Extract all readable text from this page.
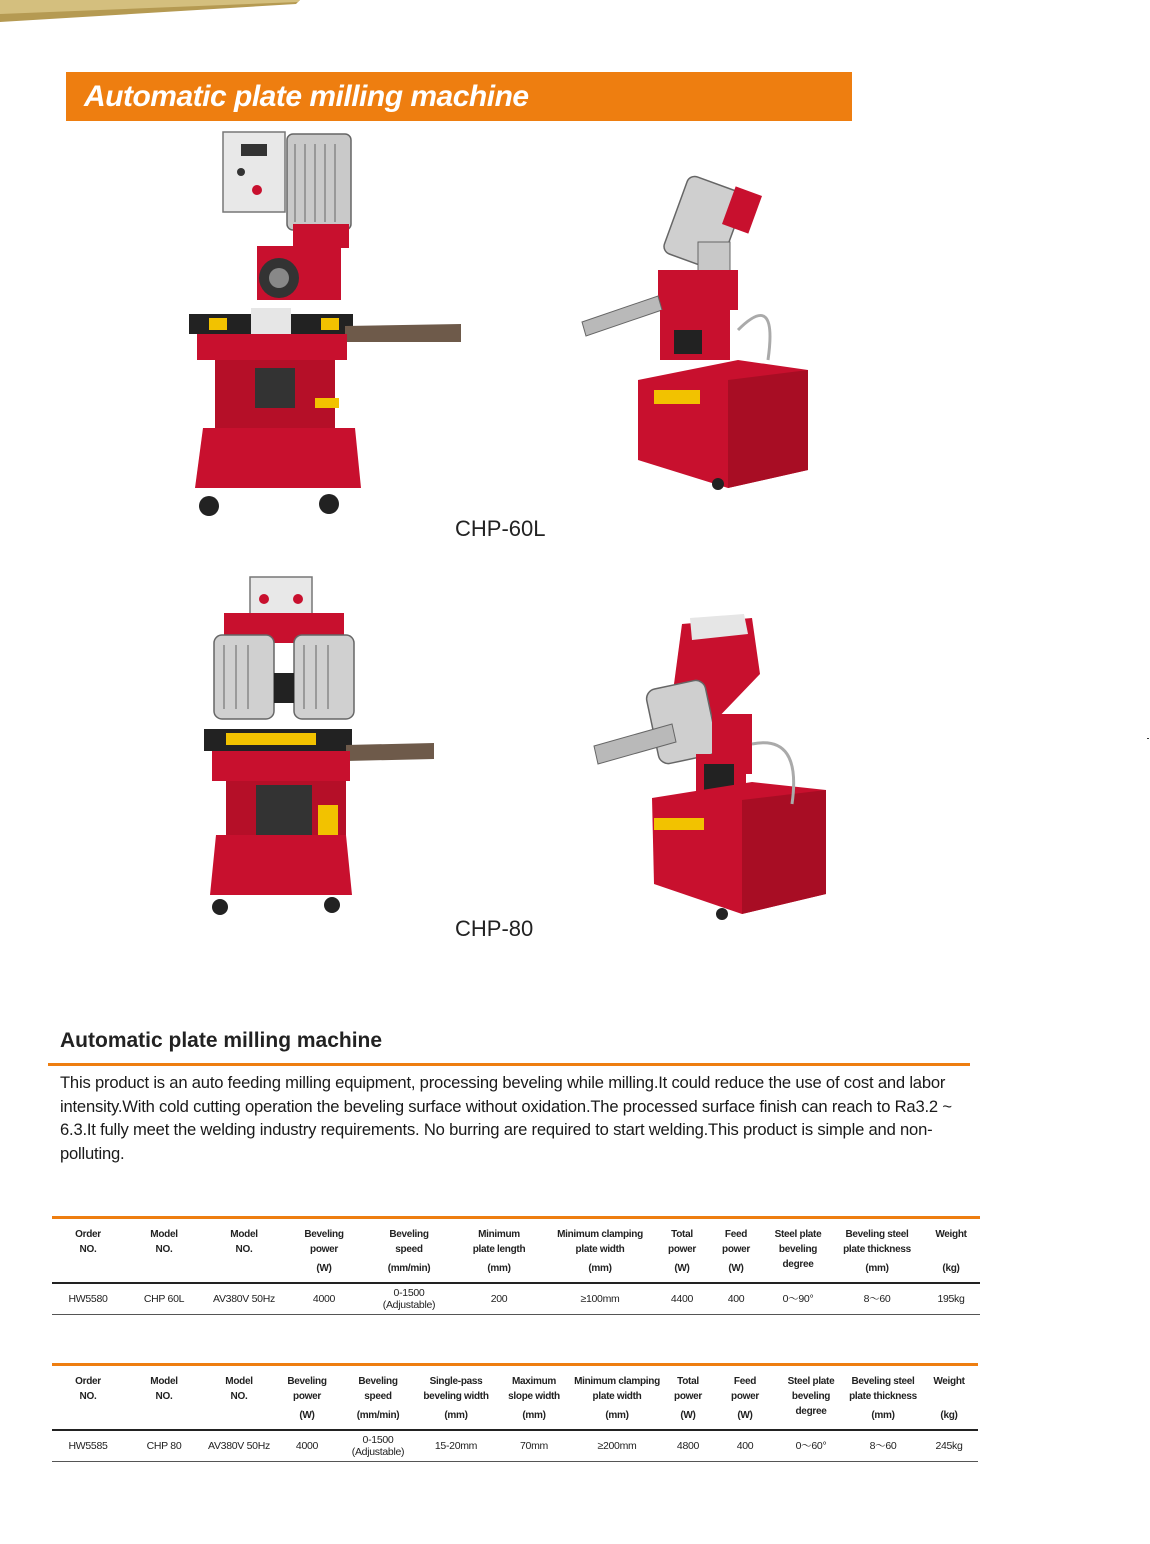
Automatic plate milling machine
CHP-60L
CHP-80
Automatic plate milling machine
This product is an auto feeding milling equipment, processing beveling while milling.It could reduce the use of cost and labor intensity.With cold cutting operation the beveling surface without oxidation.The processed surface finish can reach to Ra3.2 ~ 6.3.It fully meet the welding industry requirements. No burring are required to start welding.This product is simple and non-polluting.
Order
NO.	Model
NO.	Model
NO.	Beveling
power
(W)	Beveling
speed
(mm/min)	Minimum
plate length
(mm)	Minimum clamping
plate width
(mm)	Total
power
(W)	Feed
power
(W)	Steel plate
beveling
degree	Beveling steel
plate thickness
(mm)	Weight
(kg)

HW5580	CHP 60L	AV380V 50Hz	4000	0-1500
(Adjustable)	200	≥100mm	4400	400	0～90°	8～60	195kg
Order
NO.	Model
NO.	Model
NO.	Beveling
power
(W)	Beveling
speed
(mm/min)	Single-pass
beveling width
(mm)	Maximum
slope width
(mm)	Minimum clamping
plate width
(mm)	Total
power
(W)	Feed
power
(W)	Steel plate
beveling
degree	Beveling steel
plate thickness
(mm)	Weight
(kg)

HW5585	CHP 80	AV380V 50Hz	4000	0-1500
(Adjustable)	15-20mm	70mm	≥200mm	4800	400	0～60°	8～60	245kg
